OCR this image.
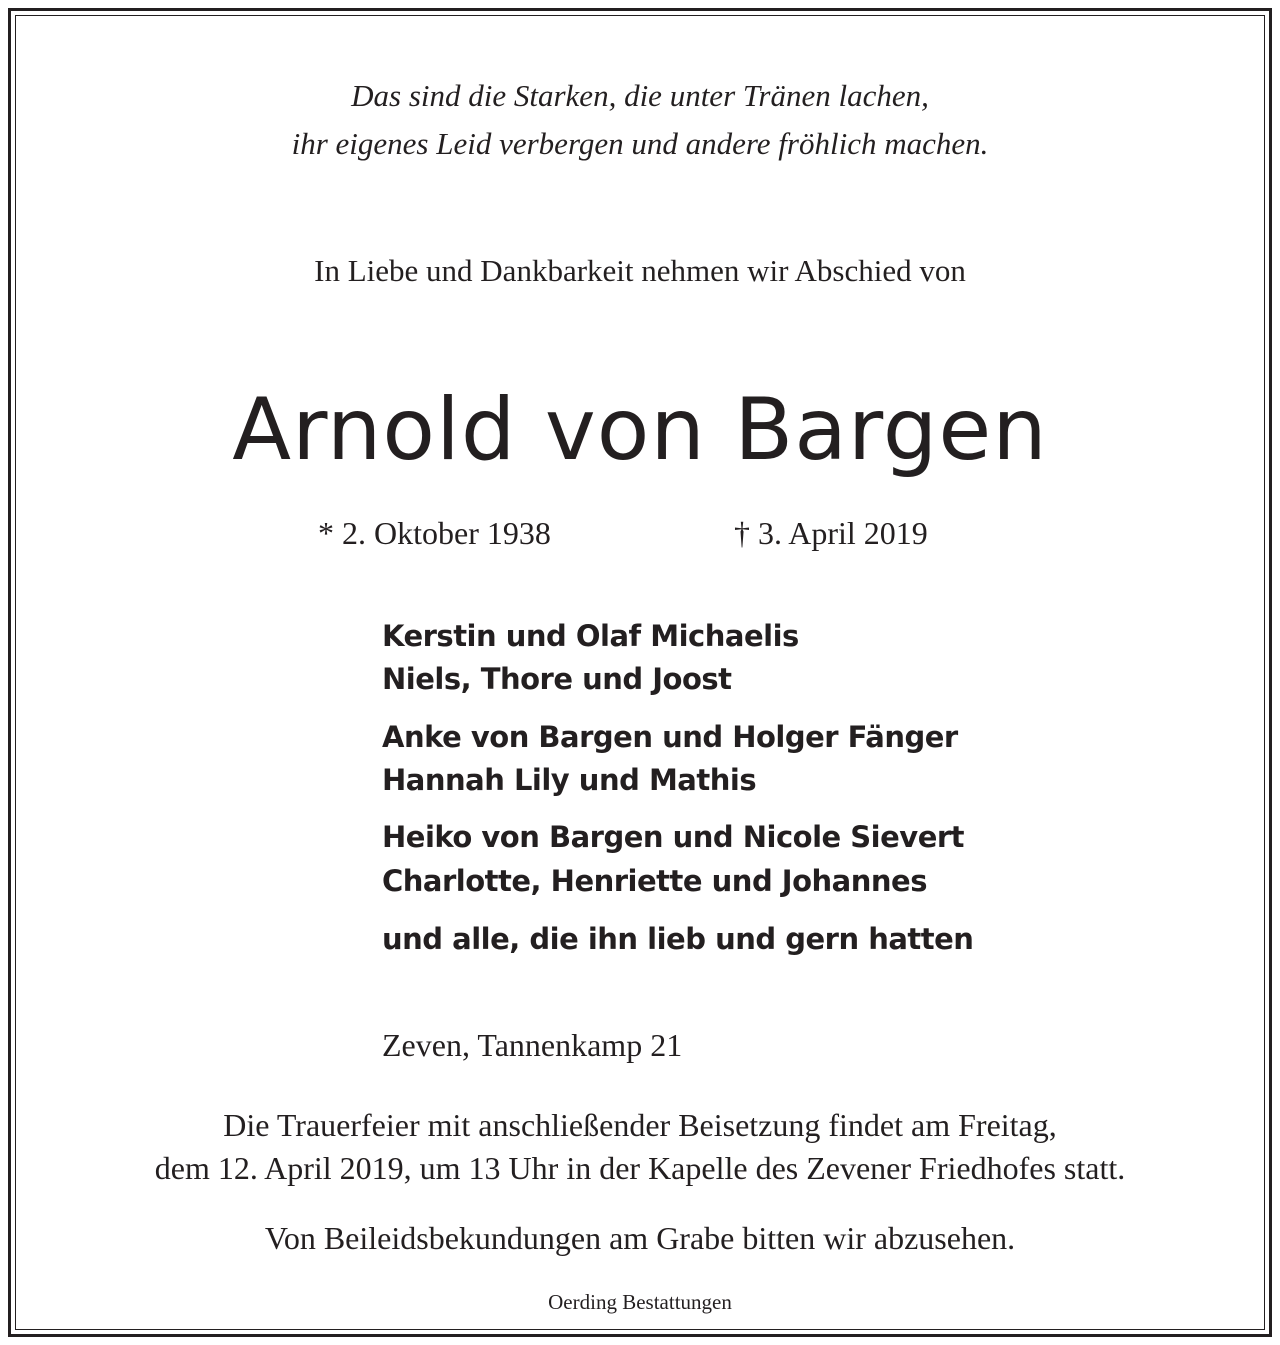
Das sind die Starken, die unter Tränen lachen,
ihr eigenes Leid verbergen und andere fröhlich machen.
In Liebe und Dankbarkeit nehmen wir Abschied von
Arnold von Bargen
* 2. Oktober 1938	† 3. April 2019
Kerstin und Olaf Michaelis
Niels, Thore und Joost
Anke von Bargen und Holger Fänger
Hannah Lily und Mathis
Heiko von Bargen und Nicole Sievert
Charlotte, Henriette und Johannes
und alle, die ihn lieb und gern hatten
Zeven, Tannenkamp 21
Die Trauerfeier mit anschließender Beisetzung findet am Freitag,
dem 12. April 2019, um 13 Uhr in der Kapelle des Zevener Friedhofes statt.
Von Beileidsbekundungen am Grabe bitten wir abzusehen.
Oerding Bestattungen
